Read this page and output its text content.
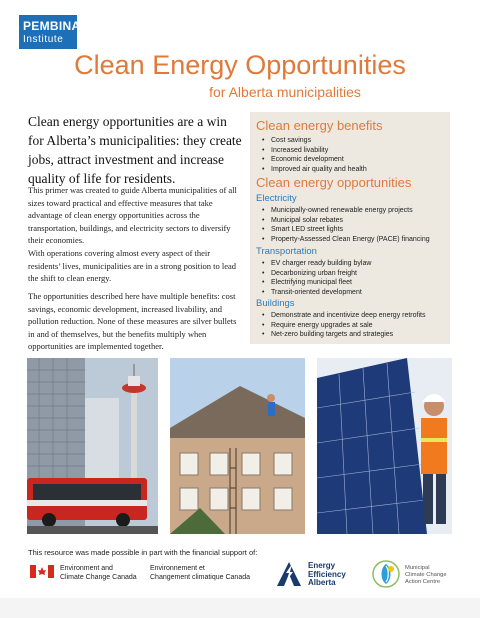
PEMBINA
Institute
Clean Energy Opportunities
for Alberta municipalities
Clean energy opportunities are a win for Alberta’s municipalities: they create jobs, attract investment and increase quality of life for residents.
This primer was created to guide Alberta municipalities of all sizes toward practical and effective measures that take advantage of clean energy opportunities across the transportation, buildings, and electricity sectors to diversify their economies.
With operations covering almost every aspect of their residents’ lives, municipalities are in a strong position to lead the shift to clean energy.
The opportunities described here have multiple benefits: cost savings, economic development, increased livability, and pollution reduction. None of these measures are silver bullets in and of themselves, but the benefits multiply when opportunities are implemented together.
Clean energy benefits
• Cost savings
• Increased livability
• Economic development
• Improved air quality and health
Clean energy opportunities
Electricity
• Municipally-owned renewable energy projects
• Municipal solar rebates
• Smart LED street lights
• Property-Assessed Clean Energy (PACE) financing
Transportation
• EV charger ready building bylaw
• Decarbonizing urban freight
• Electrifying municipal fleet
• Transit-oriented development
Buildings
• Demonstrate and incentivize deep energy retrofits
• Require energy upgrades at sale
• Net-zero building targets and strategies
This resource was made possible in part with the financial support of:
Environment and
Climate Change Canada
Environnement et
Changement climatique Canada
Energy
Efficiency
Alberta
Municipal
Climate Change
Action Centre
